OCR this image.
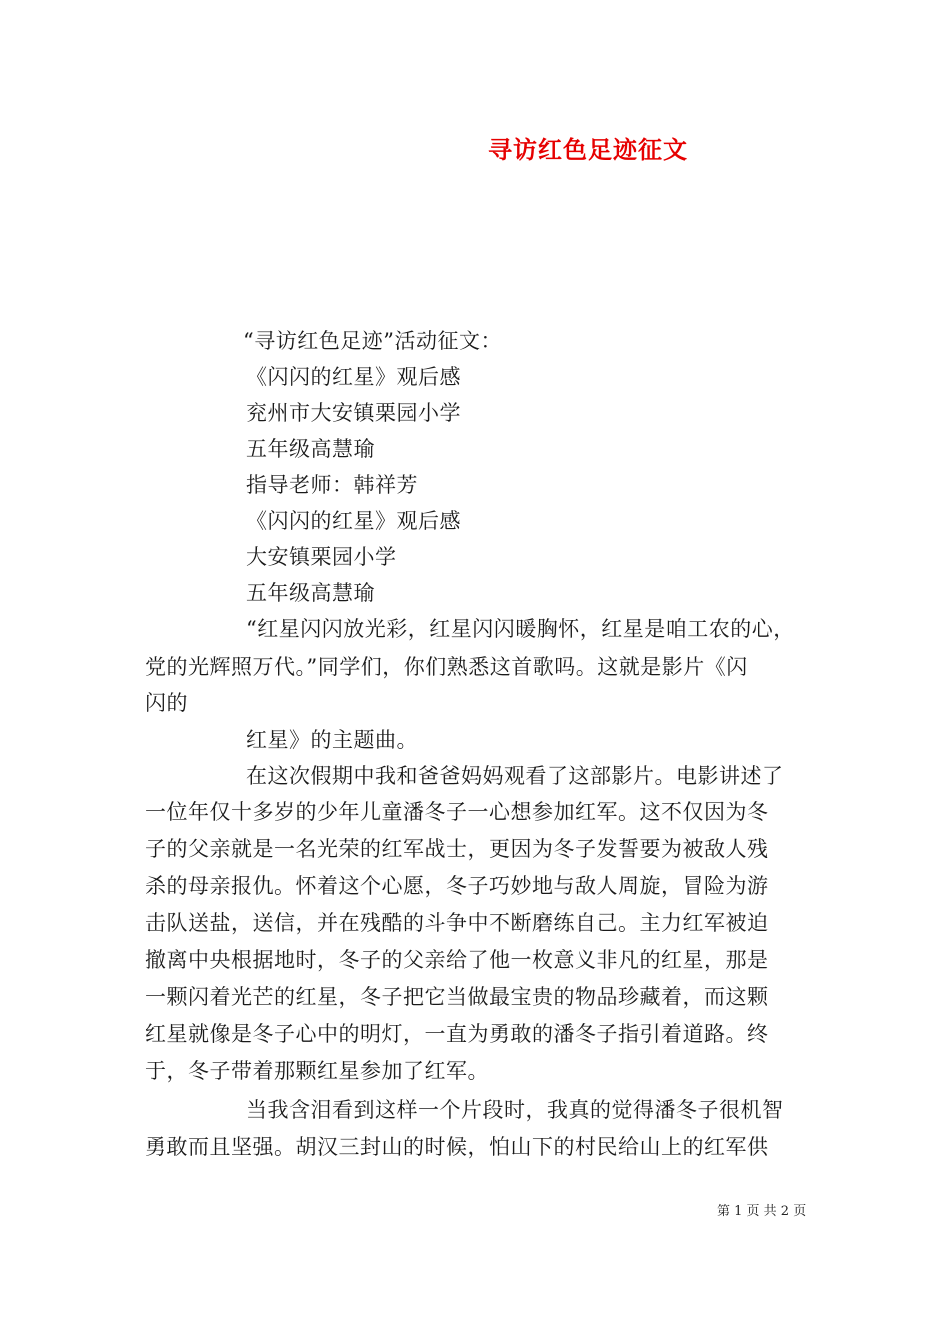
寻访红色足迹征文
“寻访红色足迹”活动征文：
《闪闪的红星》观后感
兖州市大安镇栗园小学
五年级高慧瑜
指导老师：韩祥芳
《闪闪的红星》观后感
大安镇栗园小学
五年级高慧瑜
“红星闪闪放光彩，红星闪闪暖胸怀，红星是咱工农的心，
党的光辉照万代。”同学们，你们熟悉这首歌吗。这就是影片《闪
闪的
红星》的主题曲。
在这次假期中我和爸爸妈妈观看了这部影片。电影讲述了
一位年仅十多岁的少年儿童潘冬子一心想参加红军。这不仅因为冬
子的父亲就是一名光荣的红军战士，更因为冬子发誓要为被敌人残
杀的母亲报仇。怀着这个心愿，冬子巧妙地与敌人周旋，冒险为游
击队送盐，送信，并在残酷的斗争中不断磨练自己。主力红军被迫
撤离中央根据地时，冬子的父亲给了他一枚意义非凡的红星，那是
一颗闪着光芒的红星，冬子把它当做最宝贵的物品珍藏着，而这颗
红星就像是冬子心中的明灯，一直为勇敢的潘冬子指引着道路。终
于，冬子带着那颗红星参加了红军。
当我含泪看到这样一个片段时，我真的觉得潘冬子很机智
勇敢而且坚强。胡汉三封山的时候，怕山下的村民给山上的红军供
第 1 页 共 2 页
